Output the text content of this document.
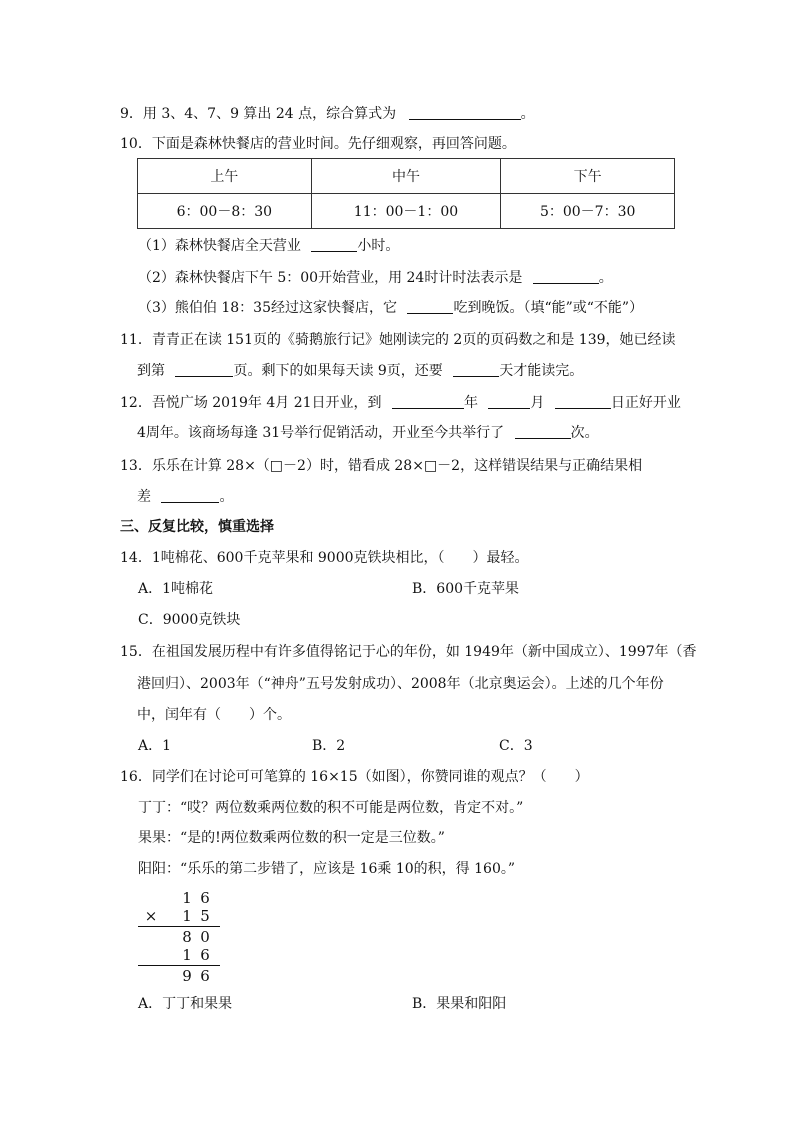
9．用 3、4、7、9 算出 24 点，综合算式为	。
10．下面是森林快餐店的营业时间。先仔细观察，再回答问题。
上午	中午	下午
6：00－8：30	11：00－1：00	5：00－7：30
（1）森林快餐店全天营业	小时。
（2）森林快餐店下午 5：00开始营业，用 24时计时法表示是	。
（3）熊伯伯 18：35经过这家快餐店，它	吃到晚饭。（填“能”或“不能”）
11．青青正在读 151页的《骑鹅旅行记》她刚读完的 2页的页码数之和是 139，她已经读
到第	页。剩下的如果每天读 9页，还要	天才能读完。
12．吾悦广场 2019年 4月 21日开业，到	年	月	日正好开业
4周年。该商场每逢 31号举行促销活动，开业至今共举行了	次。
13．乐乐在计算 28×（□－2）时，错看成 28×□－2，这样错误结果与正确结果相
差	。
三、反复比较，慎重选择
14．1吨棉花、600千克苹果和 9000克铁块相比，（　　）最轻。
A．1吨棉花	B．600千克苹果
C．9000克铁块
15．在祖国发展历程中有许多值得铭记于心的年份，如 1949年（新中国成立）、1997年（香
港回归）、2003年（“神舟”五号发射成功）、2008年（北京奥运会）。上述的几个年份
中，闰年有（　　）个。
A．1	B．2	C．3
16．同学们在讨论可可笔算的 16×15（如图），你赞同谁的观点？（　　）
丁丁：“哎？两位数乘两位数的积不可能是两位数，肯定不对。”
果果：“是的!两位数乘两位数的积一定是三位数。”
阳阳：“乐乐的第二步错了，应该是 16乘 10的积，得 160。”
1 6
× 1 5
8 0
1 6
9 6
A．丁丁和果果	B．果果和阳阳
